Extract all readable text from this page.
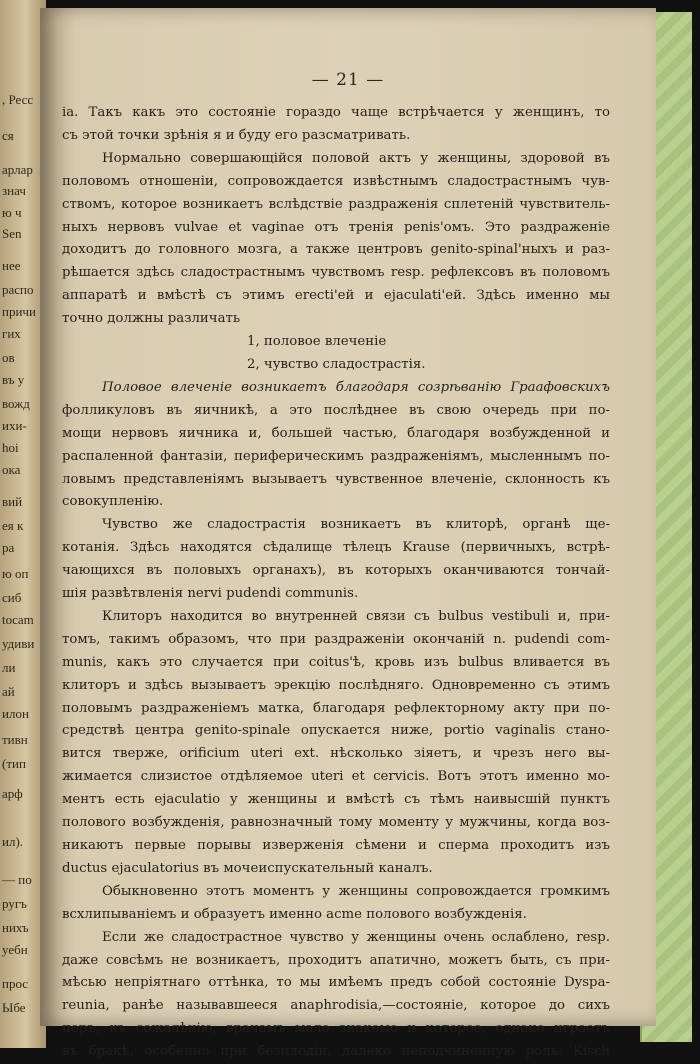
, Ресс
ся
арлар
знач
ю ч
Sen
нее
распо
причи
гих
ов
въ у
вожд
ихи-
hoi
ока
вий
ея к
ра
ю оп
сиб
tocam
удиви
ли
ай
илон
тивн
(тип
арф
ил).
— по
ругъ
нихъ
уебн
прос
Ыбе
— 21 —
ia. Такъ какъ это состояніе гораздо чаще встрѣчается у женщинъ, то
съ этой точки зрѣнія я и буду его разсматривать.
Нормально совершающійся половой актъ у женщины, здоровой въ
половомъ отношеніи, сопровождается извѣстнымъ сладострастнымъ чув-
ствомъ, которое возникаетъ вслѣдствіе раздраженія сплетеній чувствитель-
ныхъ нервовъ vulvae et vaginae отъ тренія penis'омъ. Это раздраженіе
доходитъ до головного мозга, а также центровъ genito-spinal'ныхъ и раз-
рѣшается здѣсь сладострастнымъ чувствомъ resp. рефлексовъ въ половомъ
аппаратѣ и вмѣстѣ съ этимъ erecti'ей и ejaculati'ей. Здѣсь именно мы
точно должны различать
1, половое влеченіе
2, чувство сладострастія.
Половое влеченіе возникаетъ благодаря созрѣванію Граафовскихъ
фолликуловъ въ яичникѣ, а это послѣднее въ свою очередь при по-
мощи нервовъ яичника и, большей частью, благодаря возбужденной и
распаленной фантазіи, периферическимъ раздраженіямъ, мысленнымъ по-
ловымъ представленіямъ вызываетъ чувственное влеченіе, склонность къ
совокупленію.
Чувство же сладострастія возникаетъ въ клиторѣ, органѣ ще-
котанія. Здѣсь находятся сѣдалище тѣлецъ Krause (первичныхъ, встрѣ-
чающихся въ половыхъ органахъ), въ которыхъ оканчиваются тончай-
шія развѣтвленія nervi pudendi communis.
Клиторъ находится во внутренней связи съ bulbus vestibuli и, при-
томъ, такимъ образомъ, что при раздраженіи окончаній n. pudendi com-
munis, какъ это случается при coitus'ѣ, кровь изъ bulbus вливается въ
клиторъ и здѣсь вызываетъ эрекцію послѣдняго. Одновременно съ этимъ
половымъ раздраженіемъ матка, благодаря рефлекторному акту при по-
средствѣ центра genito-spinale опускается ниже, portio vaginalis стано-
вится тверже, orificium uteri ext. нѣсколько зіяетъ, и чрезъ него вы-
жимается слизистое отдѣляемое uteri et cervicis. Вотъ этотъ именно мо-
ментъ есть ejaculatio у женщины и вмѣстѣ съ тѣмъ наивысшій пунктъ
полового возбужденія, равнозначный тому моменту у мужчины, когда воз-
никаютъ первые порывы изверженія сѣмени и сперма проходитъ изъ
ductus ejaculatorius въ мочеиспускательный каналъ.
Обыкновенно этотъ моментъ у женщины сопровождается громкимъ
всхлипываніемъ и образуетъ именно acme полового возбужденія.
Если же сладострастное чувство у женщины очень ослаблено, resp.
даже совсѣмъ не возникаетъ, проходитъ апатично, можетъ быть, съ при-
мѣсью непріятнаго оттѣнка, то мы имѣемъ предъ собой состояніе Dyspa-
reunia, ранѣе называвшееся anaphrodisia,—состояніе, которое до сихъ
поръ, къ сожалѣнію, врачамъ мало знакомо и которое, однако играетъ
въ бракѣ, особенно при безплодіи, далеко неподчиненную роль. Kisch
